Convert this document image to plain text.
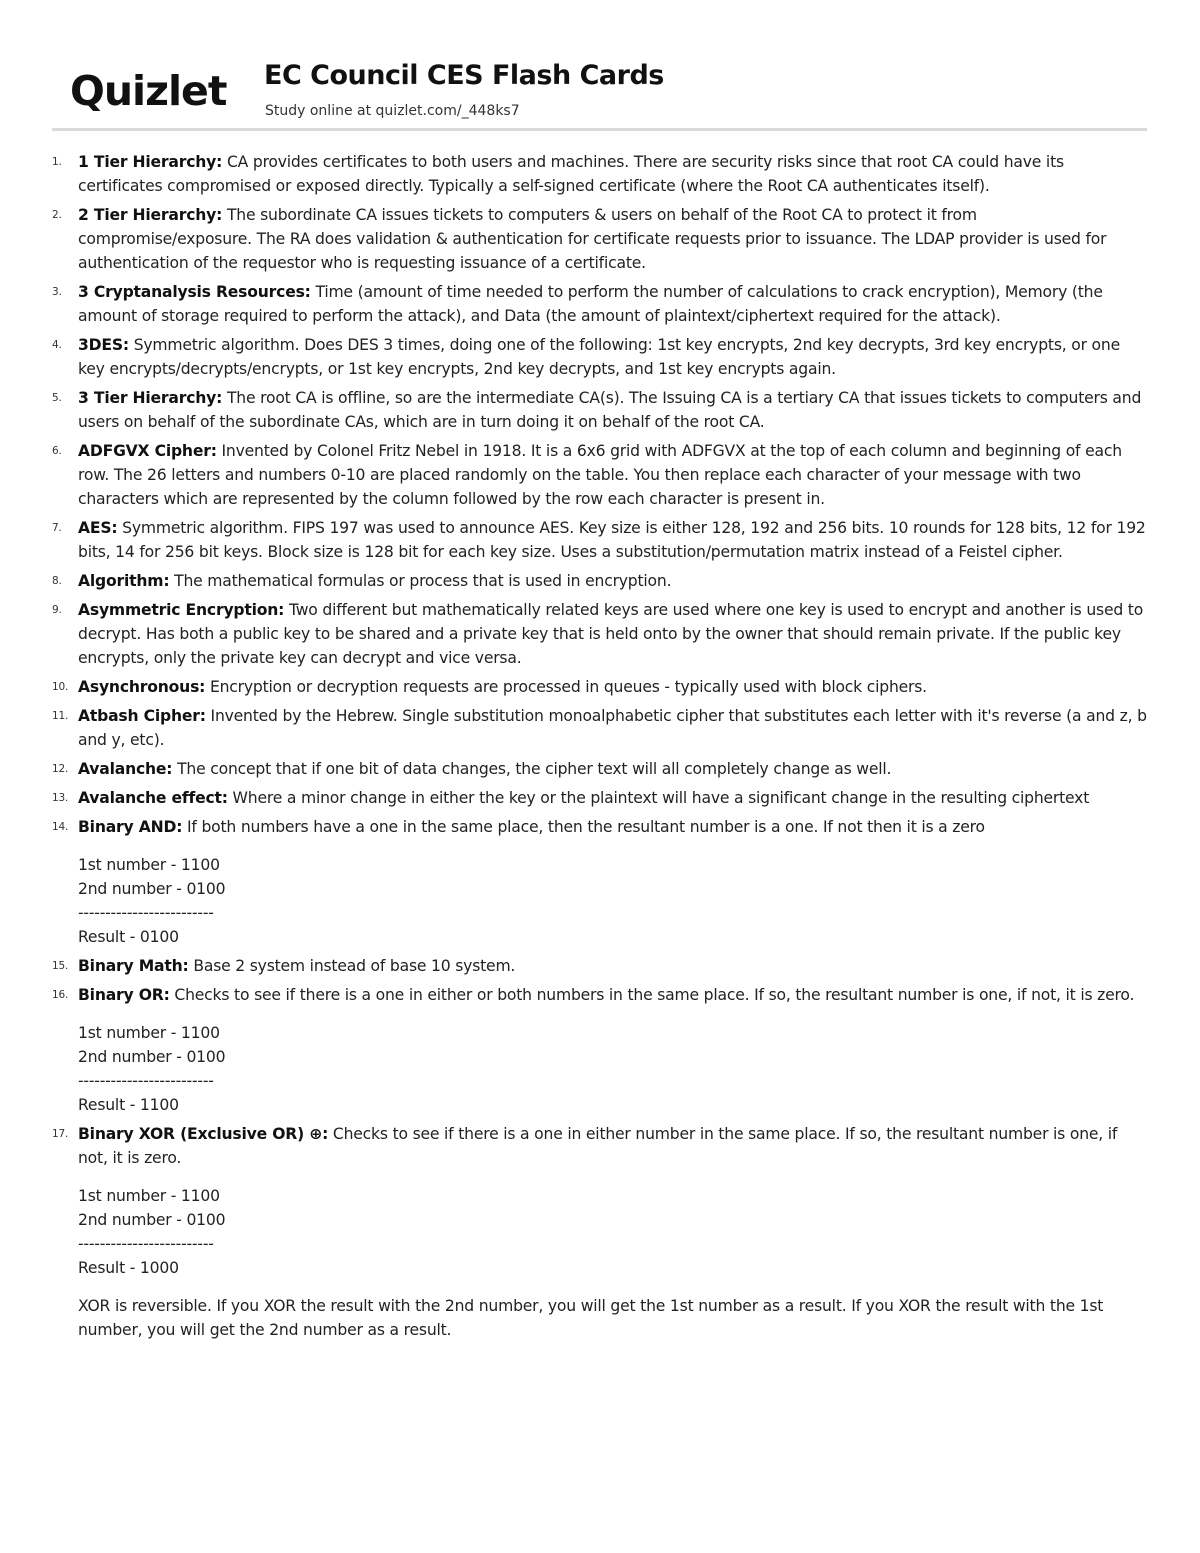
Quizlet EC Council CES Flash Cards
Study online at quizlet.com/_448ks7
1.	1 Tier Hierarchy: CA provides certificates to both users and machines. There are security risks since that root CA could have its certificates compromised or exposed directly. Typically a self-signed certificate (where the Root CA authenticates itself).
2.	2 Tier Hierarchy: The subordinate CA issues tickets to computers & users on behalf of the Root CA to protect it from compromise/exposure. The RA does validation & authentication for certificate requests prior to issuance. The LDAP provider is used for authentication of the requestor who is requesting issuance of a certificate.
3.	3 Cryptanalysis Resources: Time (amount of time needed to perform the number of calculations to crack encryption), Memory (the amount of storage required to perform the attack), and Data (the amount of plaintext/ciphertext required for the attack).
4.	3DES: Symmetric algorithm. Does DES 3 times, doing one of the following: 1st key encrypts, 2nd key decrypts, 3rd key encrypts, or one key encrypts/decrypts/encrypts, or 1st key encrypts, 2nd key decrypts, and 1st key encrypts again.
5.	3 Tier Hierarchy: The root CA is offline, so are the intermediate CA(s). The Issuing CA is a tertiary CA that issues tickets to computers and users on behalf of the subordinate CAs, which are in turn doing it on behalf of the root CA.
6.	ADFGVX Cipher: Invented by Colonel Fritz Nebel in 1918. It is a 6x6 grid with ADFGVX at the top of each column and beginning of each row. The 26 letters and numbers 0-10 are placed randomly on the table. You then replace each character of your message with two characters which are represented by the column followed by the row each character is present in.
7.	AES: Symmetric algorithm. FIPS 197 was used to announce AES. Key size is either 128, 192 and 256 bits. 10 rounds for 128 bits, 12 for 192 bits, 14 for 256 bit keys. Block size is 128 bit for each key size. Uses a substitution/permutation matrix instead of a Feistel cipher.
8.	Algorithm: The mathematical formulas or process that is used in encryption.
9.	Asymmetric Encryption: Two different but mathematically related keys are used where one key is used to encrypt and another is used to decrypt. Has both a public key to be shared and a private key that is held onto by the owner that should remain private. If the public key encrypts, only the private key can decrypt and vice versa.
10. Asynchronous: Encryption or decryption requests are processed in queues - typically used with block ciphers.
11. Atbash Cipher: Invented by the Hebrew. Single substitution monoalphabetic cipher that substitutes each letter with it's reverse (a and z, b and y, etc).
12. Avalanche: The concept that if one bit of data changes, the cipher text will all completely change as well.
13. Avalanche effect: Where a minor change in either the key or the plaintext will have a significant change in the resulting ciphertext
14. Binary AND: If both numbers have a one in the same place, then the resultant number is a one. If not then it is a zero
1st number - 1100
2nd number - 0100
-------------------------
Result - 0100
15. Binary Math: Base 2 system instead of base 10 system.
16. Binary OR: Checks to see if there is a one in either or both numbers in the same place. If so, the resultant number is one, if not, it is zero.
1st number - 1100
2nd number - 0100
-------------------------
Result - 1100
17. Binary XOR (Exclusive OR) ⊕: Checks to see if there is a one in either number in the same place. If so, the resultant number is one, if not, it is zero.
1st number - 1100
2nd number - 0100
-------------------------
Result - 1000
XOR is reversible. If you XOR the result with the 2nd number, you will get the 1st number as a result. If you XOR the result with the 1st number, you will get the 2nd number as a result.
